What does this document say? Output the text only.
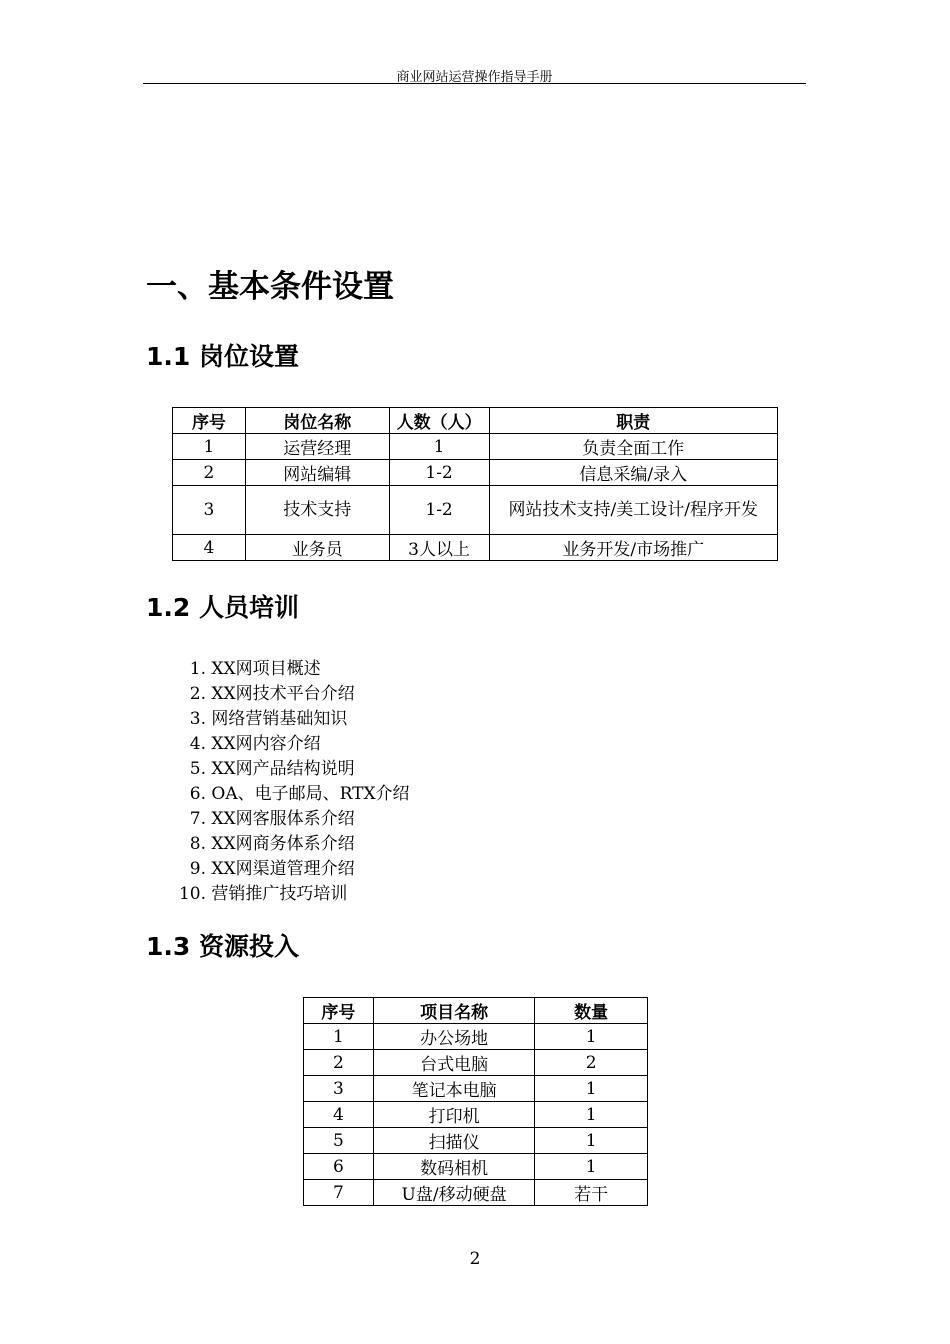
商业网站运营操作指导手册
一、基本条件设置
1.1 岗位设置
序号	岗位名称	人数（人）	职责
1	运营经理	1	负责全面工作
2	网站编辑	1-2	信息采编/录入
3	技术支持	1-2	网站技术支持/美工设计/程序开发
4	业务员	3人以上	业务开发/市场推广
1.2 人员培训
1. XX网项目概述
2. XX网技术平台介绍
3. 网络营销基础知识
4. XX网内容介绍
5. XX网产品结构说明
6. OA、电子邮局、RTX介绍
7. XX网客服体系介绍
8. XX网商务体系介绍
9. XX网渠道管理介绍
10. 营销推广技巧培训
1.3 资源投入
序号	项目名称	数量
1	办公场地	1
2	台式电脑	2
3	笔记本电脑	1
4	打印机	1
5	扫描仪	1
6	数码相机	1
7	U盘/移动硬盘	若干
2
